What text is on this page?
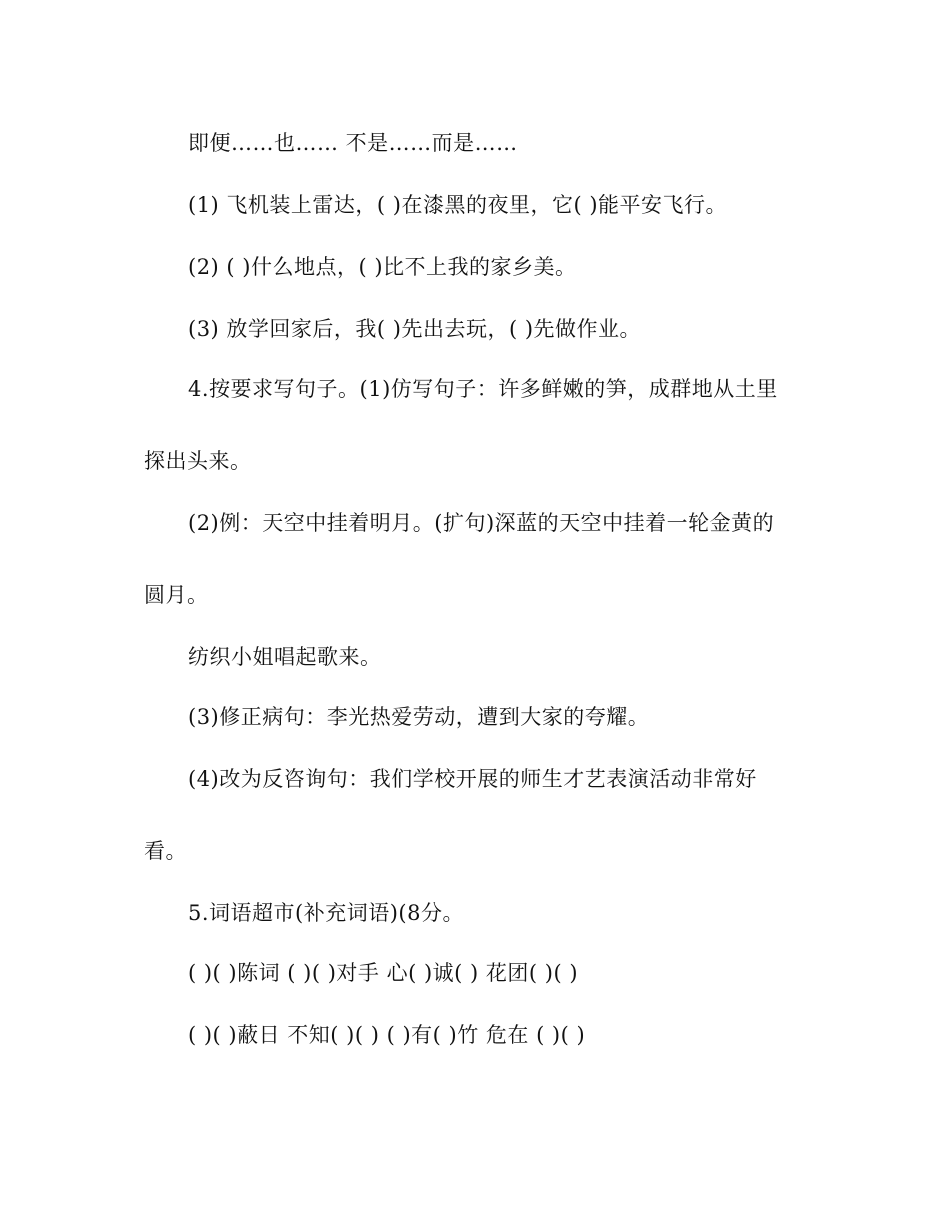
即便……也…… 不是……而是……
(1) 飞机装上雷达，( )在漆黑的夜里，它( )能平安飞行。
(2) ( )什么地点，( )比不上我的家乡美。
(3) 放学回家后，我( )先出去玩，( )先做作业。
4.按要求写句子。(1)仿写句子：许多鲜嫩的笋，成群地从土里
探出头来。
(2)例：天空中挂着明月。(扩句)深蓝的天空中挂着一轮金黄的
圆月。
纺织小姐唱起歌来。
(3)修正病句：李光热爱劳动，遭到大家的夸耀。
(4)改为反咨询句：我们学校开展的师生才艺表演活动非常好
看。
5.词语超市(补充词语)(8分。
( )( )陈词 ( )( )对手 心( )诚( ) 花团( )( )
( )( )蔽日 不知( )( ) ( )有( )竹 危在 ( )( )
